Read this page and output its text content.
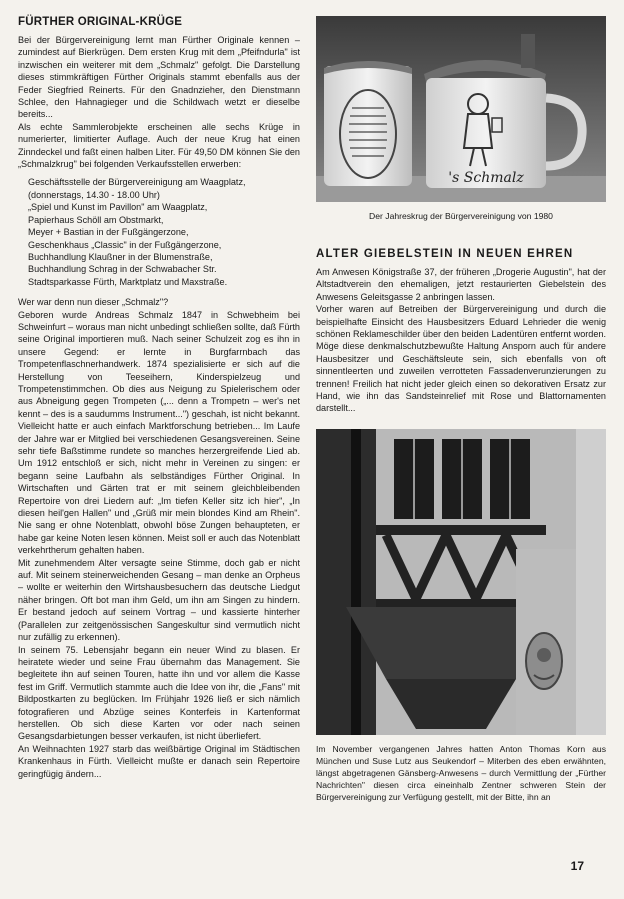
FÜRTHER ORIGINAL-KRÜGE

Bei der Bürgervereinigung lernt man Fürther Originale kennen – zumindest auf Bierkrügen. Dem ersten Krug mit dem „Pfeifndurla" ist inzwischen ein weiterer mit dem „Schmalz" gefolgt. Die Darstellung dieses stimmkräftigen Fürther Originals stammt ebenfalls aus der Feder Siegfried Reinerts. Für den Gnadnzieher, den Dienstmann Schlee, den Hahnagieger und die Schildwach wetzt er dieselbe bereits...

Als echte Sammlerobjekte erscheinen alle sechs Krüge in numerierter, limitierter Auflage. Auch der neue Krug hat einen Zinndeckel und faßt einen halben Liter. Für 49,50 DM können Sie den „Schmalzkrug" bei folgenden Verkaufsstellen erwerben:

Geschäftsstelle der Bürgervereinigung am Waagplatz,
(donnerstags, 14.30 - 18.00 Uhr)
„Spiel und Kunst im Pavillon" am Waagplatz,
Papierhaus Schöll am Obstmarkt,
Meyer + Bastian in der Fußgängerzone,
Geschenkhaus „Classic" in der Fußgängerzone,
Buchhandlung Klaußner in der Blumenstraße,
Buchhandlung Schrag in der Schwabacher Str.
Stadtsparkasse Fürth, Marktplatz und Maxstraße.

Wer war denn nun dieser „Schmalz"?

Geboren wurde Andreas Schmalz 1847 in Schwebheim bei Schweinfurt – woraus man nicht unbedingt schließen sollte, daß Fürth seine Original importieren muß. Nach seiner Schulzeit zog es ihn in unsere Gegend: er lernte in Burgfarrnbach das Trompetenflaschnerhandwerk. 1874 spezialisierte er sich auf die Herstellung von Teeseihern, Kinderspielzeug und Trompetenstimmchen. Ob dies aus Neigung zu Spielerischem oder aus Abneigung gegen Trompeten („... denn a Trompetn – wer's net kennt – des is a saudumms Instrument...") geschah, ist nicht bekannt. Vielleicht hatte er auch einfach Marktforschung betrieben... Im Laufe der Jahre war er Mitglied bei verschiedenen Gesangsvereinen. Seine sehr tiefe Baßstimme rundete so manches herzergreifende Lied ab. Um 1912 entschloß er sich, nicht mehr in Vereinen zu singen: er begann seine Laufbahn als selbständiges Fürther Original. In Wirtschaften und Gärten trat er mit seinem gleichbleibenden Repertoire von drei Liedern auf: „Im tiefen Keller sitz ich hier", „In diesen heil'gen Hallen" und „Grüß mir mein blondes Kind am Rhein". Nie sang er ohne Notenblatt, obwohl böse Zungen behaupteten, er habe gar keine Noten lesen können. Meist soll er auch das Notenblatt verkehrtherum gehalten haben.

Mit zunehmendem Alter versagte seine Stimme, doch gab er nicht auf. Mit seinem steinerweichenden Gesang – man denke an Orpheus – wollte er weiterhin den Wirtshausbesuchern das deutsche Liedgut näher bringen. Oft bot man ihm Geld, um ihn am Singen zu hindern. Er bestand jedoch auf seinem Vortrag – und kassierte hinterher (Parallelen zur zeitgenössischen Sangeskultur sind vermutlich nicht nur zufällig zu erkennen).

In seinem 75. Lebensjahr begann ein neuer Wind zu blasen. Er heiratete wieder und seine Frau übernahm das Management. Sie begleitete ihn auf seinen Touren, hatte ihn und vor allem die Kasse fest im Griff. Vermutlich stammte auch die Idee von ihr, die „Fans" mit Bildpostkarten zu beglücken. Im Frühjahr 1926 ließ er sich nämlich fotografieren und Abzüge seines Konterfeis in Kartenformat herstellen. Ob sich diese Karten vor oder nach seinen Gesangsdarbietungen besser verkaufen, ist nicht überliefert.

An Weihnachten 1927 starb das weißbärtige Original im Städtischen Krankenhaus in Fürth. Vielleicht mußte er danach sein Repertoire geringfügig ändern...

's Schmalz
Der Jahreskrug der Bürgervereinigung von 1980
ALTER GIEBELSTEIN IN NEUEN EHREN

Am Anwesen Königstraße 37, der früheren „Drogerie Augustin", hat der Altstadtverein den ehemaligen, jetzt restaurierten Giebelstein des Anwesens Geleitsgasse 2 anbringen lassen.

Vorher waren auf Betreiben der Bürgervereinigung und durch die beispielhafte Einsicht des Hausbesitzers Eduard Lehrieder die wenig schönen Reklameschilder über den beiden Ladentüren entfernt worden. Möge diese denkmalschutzbewußte Haltung Ansporn auch für andere Hausbesitzer und Geschäftsleute sein, sich ebenfalls von oft sinnentleerten und zuweilen verrotteten Fassadenverunzierungen zu trennen! Freilich hat nicht jeder gleich einen so dekorativen Ersatz zur Hand, wie ihn das Sandsteinrelief mit Rose und Blattornamenten darstellt...

Im November vergangenen Jahres hatten Anton Thomas Korn aus München und Suse Lutz aus Seukendorf – Miterben des eben erwähnten, längst abgetragenen Gänsberg-Anwesens – durch Vermittlung der „Fürther Nachrichten" diesen circa eineinhalb Zentner schweren Stein der Bürgervereinigung zur Verfügung gestellt, mit der Bitte, ihn an
17
